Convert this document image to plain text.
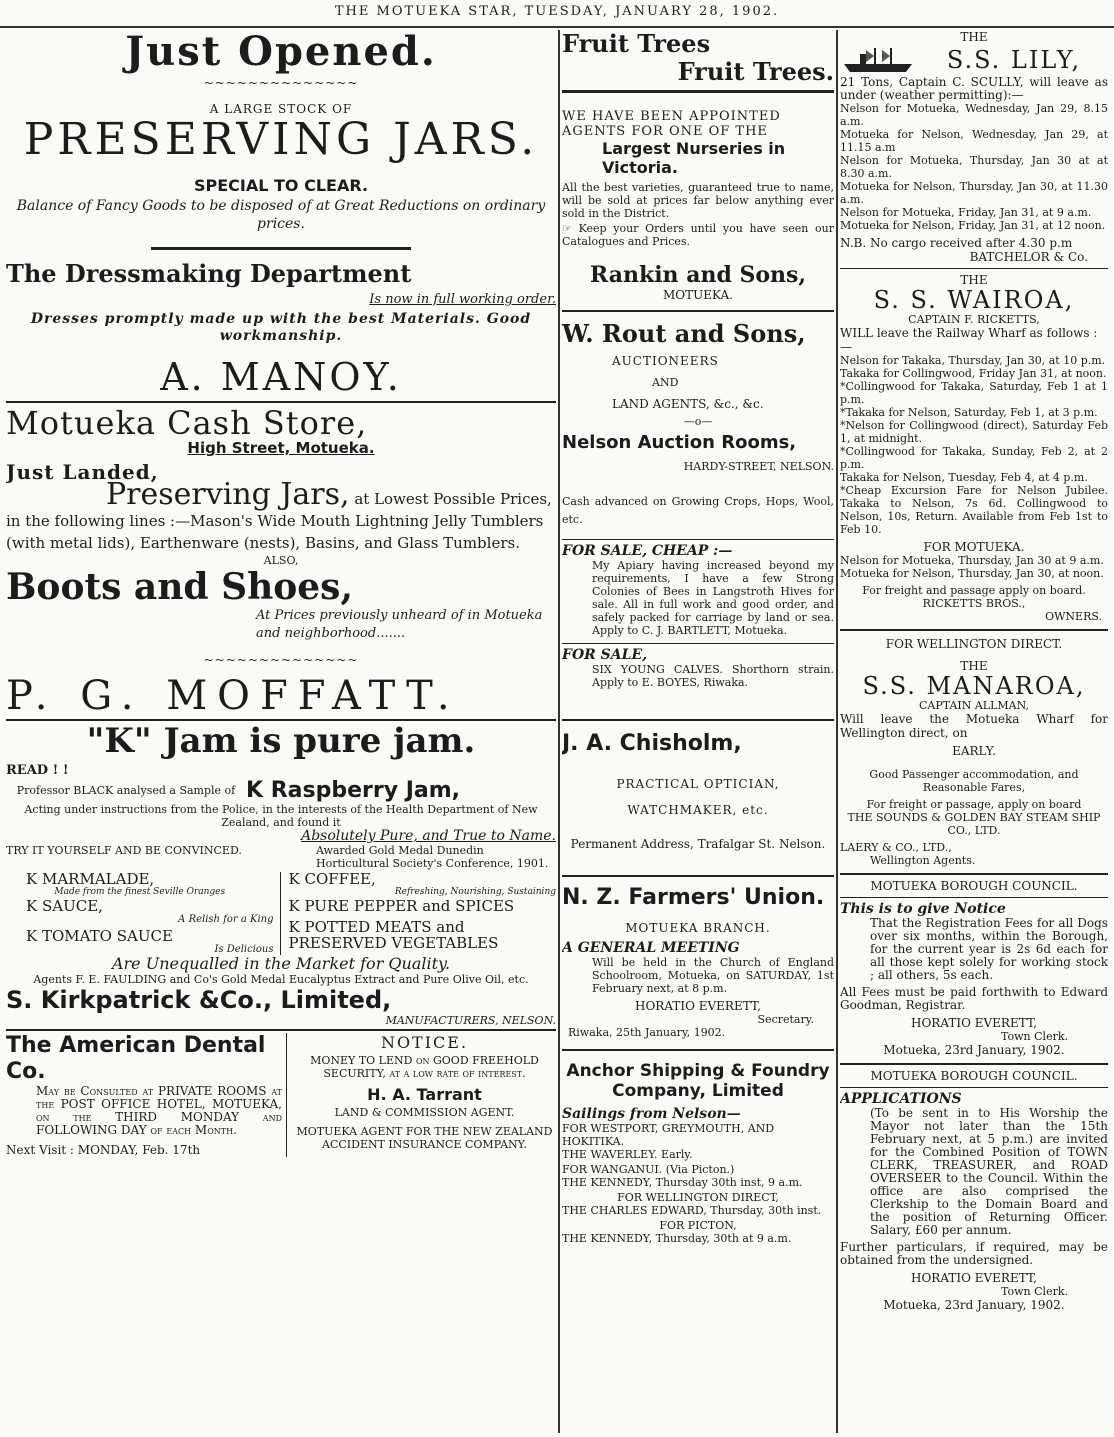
THE MOTUEKA STAR, TUESDAY, JANUARY 28, 1902.
Just Opened.
~~~~~~~~~~~~~~
A LARGE STOCK OF
PRESERVING JARS.
SPECIAL TO CLEAR.
Balance of Fancy Goods to be disposed of at Great Reductions on ordinary prices.
The Dressmaking Department
Is now in full working order.
Dresses promptly made up with the best Materials. Good workmanship.
A. MANOY.
Motueka Cash Store,
High Street, Motueka.
Just Landed,
Preserving Jars, at Lowest Possible Prices, in the following lines :—Mason's Wide Mouth Lightning Jelly Tumblers (with metal lids), Earthenware (nests), Basins, and Glass Tumblers.
ALSO,
Boots and Shoes,
At Prices previously unheard of in Motueka and neighborhood.......
~~~~~~~~~~~~~~
P. G. MOFFATT.
"K" Jam is pure jam.
READ ! !
Professor BLACK analysed a Sample of K Raspberry Jam,
Acting under instructions from the Police, in the interests of the Health Department of New Zealand, and found it
Absolutely Pure, and True to Name.
TRY IT YOURSELF AND BE CONVINCED.	Awarded Gold Medal Dunedin Horticultural Society's Conference, 1901.
K MARMALADE,
Made from the finest Seville Oranges
K SAUCE,
A Relish for a King
K TOMATO SAUCE
Is Delicious
K COFFEE,
Refreshing, Nourishing, Sustaining
K PURE PEPPER and SPICES
K POTTED MEATS and PRESERVED VEGETABLES
Are Unequalled in the Market for Quality.
Agents F. E. FAULDING and Co's Gold Medal Eucalyptus Extract and Pure Olive Oil, etc.
S. Kirkpatrick &Co., Limited,
MANUFACTURERS, NELSON.
The American Dental Co.
May be Consulted at PRIVATE ROOMS at the POST OFFICE HOTEL, MOTUEKA, on the THIRD MONDAY and FOLLOWING DAY of each Month.
Next Visit : MONDAY, Feb. 17th
NOTICE.
MONEY TO LEND on GOOD FREEHOLD SECURITY, at a low rate of interest.
H. A. Tarrant
LAND & COMMISSION AGENT.
MOTUEKA AGENT FOR THE NEW ZEALAND ACCIDENT INSURANCE COMPANY.
Fruit Trees
Fruit Trees.
WE HAVE BEEN APPOINTED AGENTS FOR ONE OF THE
Largest Nurseries in Victoria.
All the best varieties, guaranteed true to name, will be sold at prices far below anything ever sold in the District.
☞ Keep your Orders until you have seen our Catalogues and Prices.
Rankin and Sons,
MOTUEKA.
W. Rout and Sons,
AUCTIONEERS
AND
LAND AGENTS, &c., &c.
—o—
Nelson Auction Rooms,
HARDY-STREET, NELSON.
Cash advanced on Growing Crops, Hops, Wool, etc.
FOR SALE, CHEAP :—
My Apiary having increased beyond my requirements, I have a few Strong Colonies of Bees in Langstroth Hives for sale. All in full work and good order, and safely packed for carriage by land or sea. Apply to C. J. BARTLETT, Motueka.
FOR SALE,
SIX YOUNG CALVES. Shorthorn strain. Apply to E. BOYES, Riwaka.
J. A. Chisholm,
PRACTICAL OPTICIAN, WATCHMAKER, etc.
Permanent Address, Trafalgar St. Nelson.
N. Z. Farmers' Union.
MOTUEKA BRANCH.
A GENERAL MEETING
Will be held in the Church of England Schoolroom, Motueka, on SATURDAY, 1st February next, at 8 p.m.
HORATIO EVERETT,
Secretary.
Riwaka, 25th January, 1902.
Anchor Shipping & Foundry Company, Limited
Sailings from Nelson—
FOR WESTPORT, GREYMOUTH, AND HOKITIKA.
THE WAVERLEY. Early.
FOR WANGANUI. (Via Picton.)
THE KENNEDY, Thursday 30th inst, 9 a.m.
FOR WELLINGTON DIRECT,
THE CHARLES EDWARD, Thursday, 30th inst.
FOR PICTON,
THE KENNEDY, Thursday, 30th at 9 a.m.
THE
S.S. LILY,
21 Tons, Captain C. SCULLY, will leave as under (weather permitting):—
Nelson for Motueka, Wednesday, Jan 29, 8.15 a.m.
Motueka for Nelson, Wednesday, Jan 29, at 11.15 a.m
Nelson for Motueka, Thursday, Jan 30 at at 8.30 a.m.
Motueka for Nelson, Thursday, Jan 30, at 11.30 a.m.
Nelson for Motueka, Friday, Jan 31, at 9 a.m.
Motueka for Nelson, Friday, Jan 31, at 12 noon.
N.B. No cargo received after 4.30 p.m
BATCHELOR & Co.
THE
S. S. WAIROA,
CAPTAIN F. RICKETTS,
WILL leave the Railway Wharf as follows :—
Nelson for Takaka, Thursday, Jan 30, at 10 p.m.
Takaka for Collingwood, Friday Jan 31, at noon.
*Collingwood for Takaka, Saturday, Feb 1 at 1 p.m.
*Takaka for Nelson, Saturday, Feb 1, at 3 p.m.
*Nelson for Collingwood (direct), Saturday Feb 1, at midnight.
*Collingwood for Takaka, Sunday, Feb 2, at 2 p.m.
Takaka for Nelson, Tuesday, Feb 4, at 4 p.m.
*Cheap Excursion Fare for Nelson Jubilee. Takaka to Nelson, 7s 6d. Collingwood to Nelson, 10s, Return. Available from Feb 1st to Feb 10.
FOR MOTUEKA.
Nelson for Motueka, Thursday, Jan 30 at 9 a.m.
Motueka for Nelson, Thursday, Jan 30, at noon.
For freight and passage apply on board.
RICKETTS BROS.,
OWNERS.
FOR WELLINGTON DIRECT.
THE
S.S. MANAROA,
CAPTAIN ALLMAN,
Will leave the Motueka Wharf for Wellington direct, on
EARLY.
Good Passenger accommodation, and Reasonable Fares,
For freight or passage, apply on board
THE SOUNDS & GOLDEN BAY STEAM SHIP CO., LTD.
LAERY & CO., LTD.,
Wellington Agents.
MOTUEKA BOROUGH COUNCIL.
This is to give Notice
That the Registration Fees for all Dogs over six months, within the Borough, for the current year is 2s 6d each for all those kept solely for working stock ; all others, 5s each.
All Fees must be paid forthwith to Edward Goodman, Registrar.
HORATIO EVERETT,
Town Clerk.
Motueka, 23rd January, 1902.
MOTUEKA BOROUGH COUNCIL.
APPLICATIONS
(To be sent in to His Worship the Mayor not later than the 15th February next, at 5 p.m.) are invited for the Combined Position of TOWN CLERK, TREASURER, and ROAD OVERSEER to the Council. Within the office are also comprised the Clerkship to the Domain Board and the position of Returning Officer. Salary, £60 per annum.
Further particulars, if required, may be obtained from the undersigned.
HORATIO EVERETT,
Town Clerk.
Motueka, 23rd January, 1902.
